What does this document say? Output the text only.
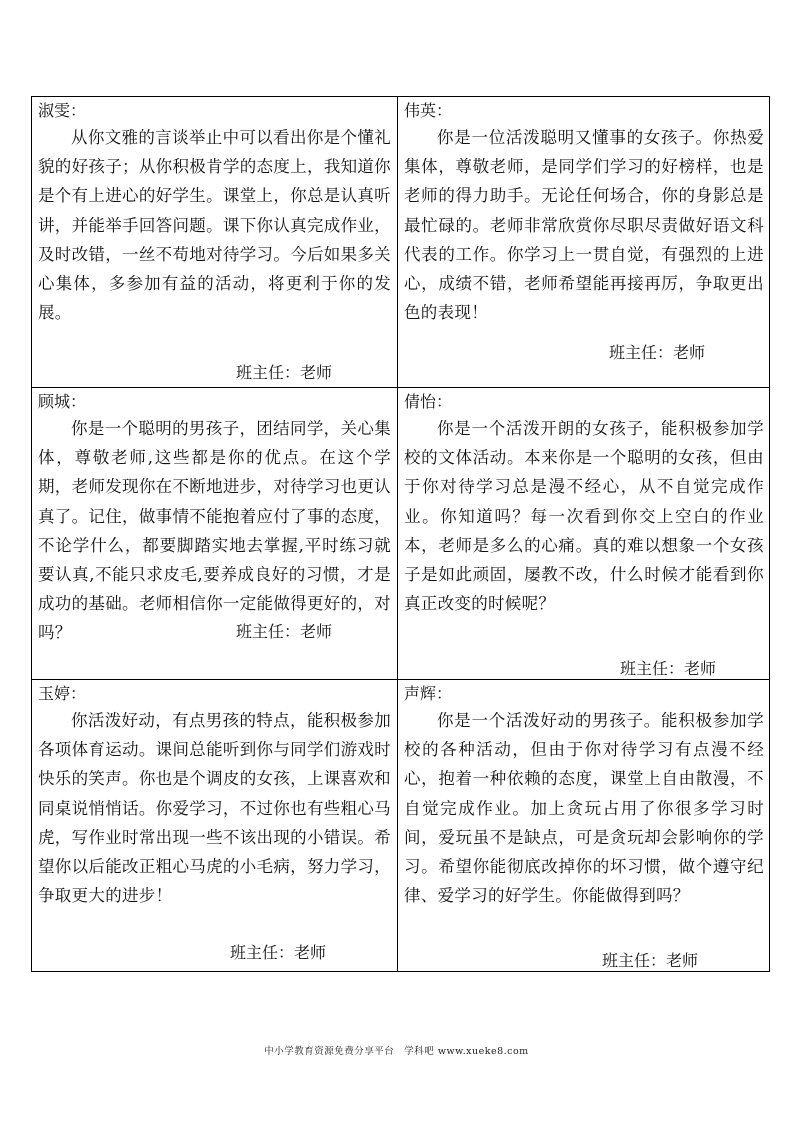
淑雯：
从你文雅的言谈举止中可以看出你是个懂礼貌的好孩子；从你积极肯学的态度上，我知道你是个有上进心的好学生。课堂上，你总是认真听讲，并能举手回答问题。课下你认真完成作业，及时改错，一丝不苟地对待学习。今后如果多关心集体，多参加有益的活动，将更利于你的发展。
班主任：老师
伟英：
你是一位活泼聪明又懂事的女孩子。你热爱集体，尊敬老师，是同学们学习的好榜样，也是老师的得力助手。无论任何场合，你的身影总是最忙碌的。老师非常欣赏你尽职尽责做好语文科代表的工作。你学习上一贯自觉，有强烈的上进心，成绩不错，老师希望能再接再厉，争取更出色的表现！
班主任：老师
顾城：
你是一个聪明的男孩子，团结同学，关心集体，尊敬老师,这些都是你的优点。在这个学期，老师发现你在不断地进步，对待学习也更认真了。记住，做事情不能抱着应付了事的态度，不论学什么，都要脚踏实地去掌握,平时练习就要认真,不能只求皮毛,要养成良好的习惯，才是成功的基础。老师相信你一定能做得更好的，对吗？	班主任：老师
倩怡：
你是一个活泼开朗的女孩子，能积极参加学校的文体活动。本来你是一个聪明的女孩，但由于你对待学习总是漫不经心，从不自觉完成作业。你知道吗？每一次看到你交上空白的作业本，老师是多么的心痛。真的难以想象一个女孩子是如此顽固，屡教不改，什么时候才能看到你真正改变的时候呢？
班主任：老师
玉婷：
你活泼好动，有点男孩的特点，能积极参加各项体育运动。课间总能听到你与同学们游戏时快乐的笑声。你也是个调皮的女孩，上课喜欢和同桌说悄悄话。你爱学习，不过你也有些粗心马虎，写作业时常出现一些不该出现的小错误。希望你以后能改正粗心马虎的小毛病，努力学习，争取更大的进步！
班主任：老师
声辉：
你是一个活泼好动的男孩子。能积极参加学校的各种活动，但由于你对待学习有点漫不经心，抱着一种依赖的态度，课堂上自由散漫，不自觉完成作业。加上贪玩占用了你很多学习时间，爱玩虽不是缺点，可是贪玩却会影响你的学习。希望你能彻底改掉你的坏习惯，做个遵守纪律、爱学习的好学生。你能做得到吗？
班主任：老师
中小学教育资源免费分享平台　学科吧 www.xueke8.com
